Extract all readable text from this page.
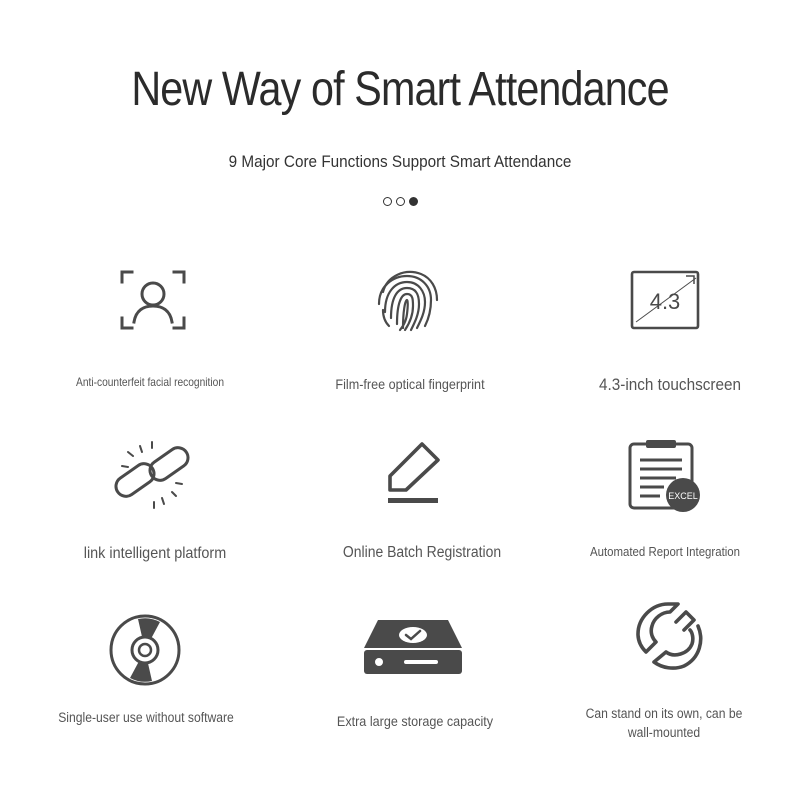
New Way of Smart Attendance
9 Major Core Functions Support Smart Attendance
Anti-counterfeit facial recognition	Film-free optical fingerprint
4.3
4.3-inch touchscreen
link intelligent platform	Online Batch Registration
EXCEL
Automated Report Integration
Single-user use without software	Extra large storage capacity	Can stand on its own, can be
wall-mounted
